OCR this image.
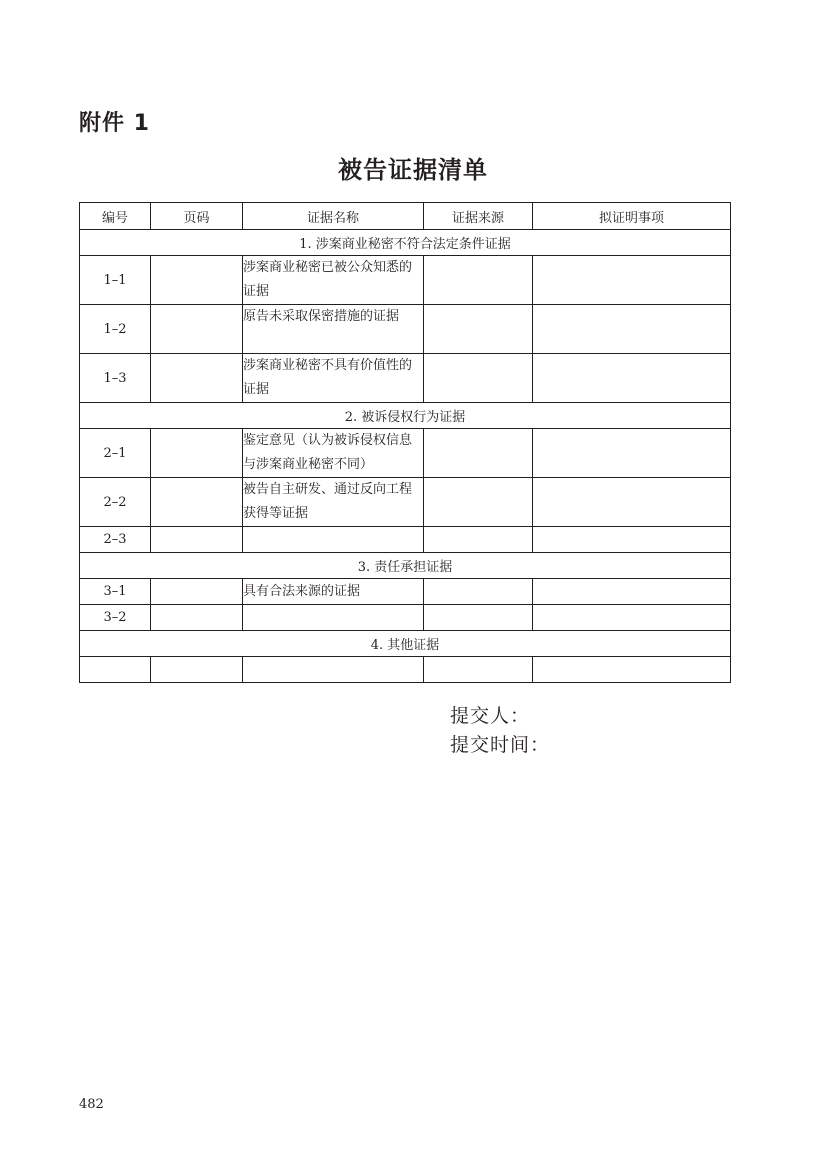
附件 1
被告证据清单
编号	页码	证据名称	证据来源	拟证明事项
1. 涉案商业秘密不符合法定条件证据				
1–1		涉案商业秘密已被公众知悉的证据		
1–2		原告未采取保密措施的证据		
1–3		涉案商业秘密不具有价值性的证据		
2. 被诉侵权行为证据				
2–1		鉴定意见（认为被诉侵权信息与涉案商业秘密不同）		
2–2		被告自主研发、通过反向工程获得等证据		
2–3				
3. 责任承担证据				
3–1		具有合法来源的证据		
3–2				
4. 其他证据				

提交人：
提交时间：
482
